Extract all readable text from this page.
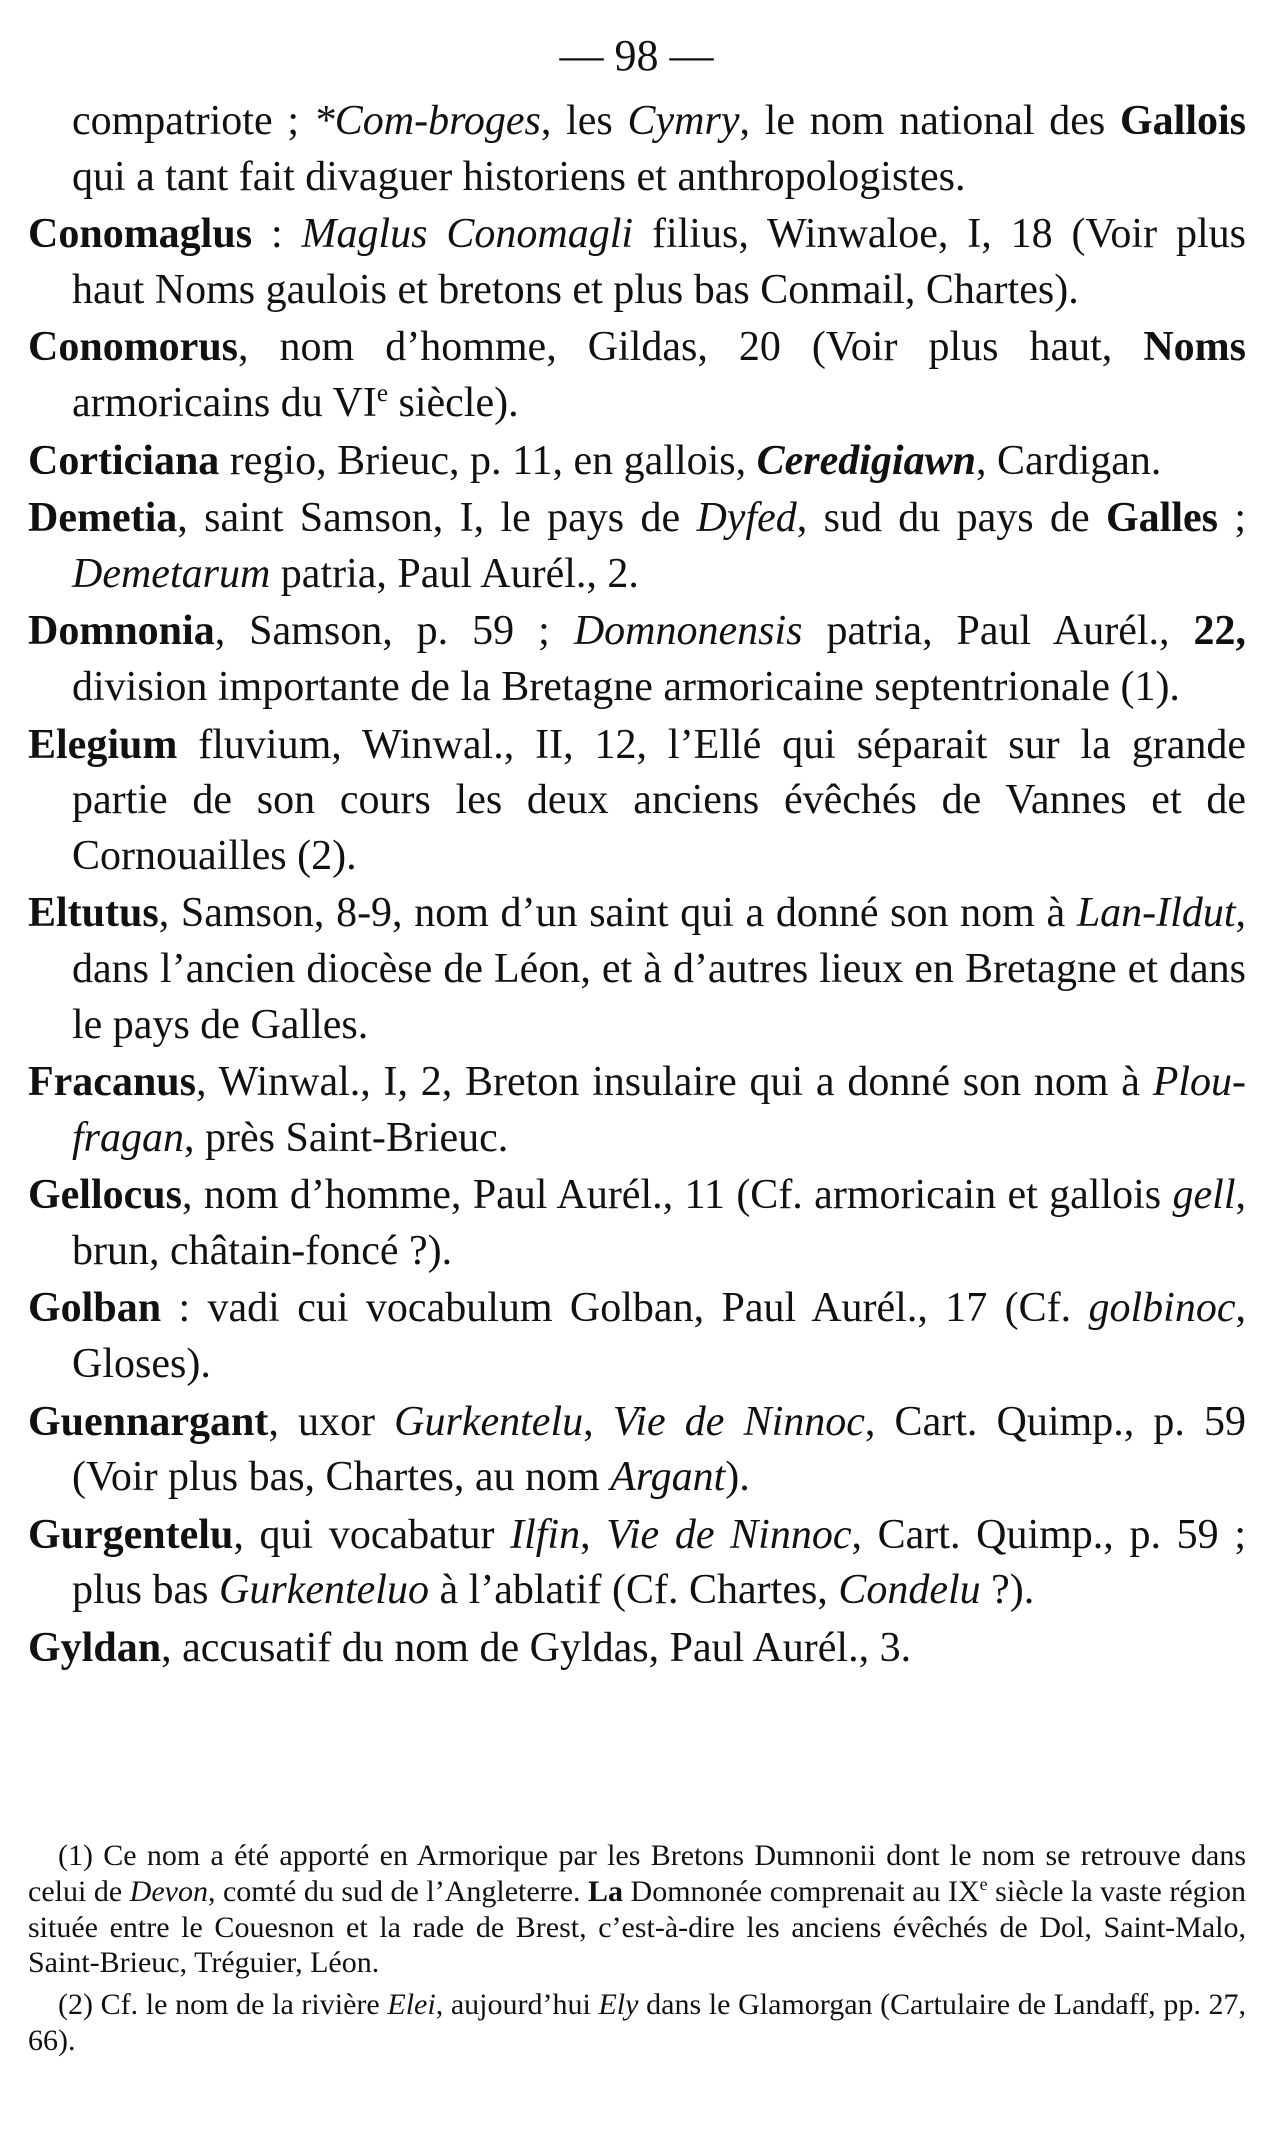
— 98 —

compatriote ; *Com-broges, les Cymry, le nom national des Gallois qui a tant fait divaguer historiens et anthropologistes.

Conomaglus : Maglus Conomagli filius, Winwaloe, I, 18 (Voir plus haut Noms gaulois et bretons et plus bas Conmail, Chartes).

Conomorus, nom d’homme, Gildas, 20 (Voir plus haut, Noms armoricains du VIe siècle).

Corticiana regio, Brieuc, p. 11, en gallois, Ceredigiawn, Cardigan.

Demetia, saint Samson, I, le pays de Dyfed, sud du pays de Galles ; Demetarum patria, Paul Aurél., 2.

Domnonia, Samson, p. 59 ; Domnonensis patria, Paul Aurél., 22, division importante de la Bretagne armoricaine septentrionale (1).

Elegium fluvium, Winwal., II, 12, l’Ellé qui séparait sur la grande partie de son cours les deux anciens évêchés de Vannes et de Cornouailles (2).

Eltutus, Samson, 8-9, nom d’un saint qui a donné son nom à Lan-Ildut, dans l’ancien diocèse de Léon, et à d’autres lieux en Bretagne et dans le pays de Galles.

Fracanus, Winwal., I, 2, Breton insulaire qui a donné son nom à Plou-fragan, près Saint-Brieuc.

Gellocus, nom d’homme, Paul Aurél., 11 (Cf. armoricain et gallois gell, brun, châtain-foncé ?).

Golban : vadi cui vocabulum Golban, Paul Aurél., 17 (Cf. golbinoc, Gloses).

Guennargant, uxor Gurkentelu, Vie de Ninnoc, Cart. Quimp., p. 59 (Voir plus bas, Chartes, au nom Argant).

Gurgentelu, qui vocabatur Ilfin, Vie de Ninnoc, Cart. Quimp., p. 59 ; plus bas Gurkenteluo à l’ablatif (Cf. Chartes, Condelu ?).

Gyldan, accusatif du nom de Gyldas, Paul Aurél., 3.

(1) Ce nom a été apporté en Armorique par les Bretons Dumnonii dont le nom se retrouve dans celui de Devon, comté du sud de l’Angleterre. La Domnonée comprenait au IXe siècle la vaste région située entre le Couesnon et la rade de Brest, c’est-à-dire les anciens évêchés de Dol, Saint-Malo, Saint-Brieuc, Tréguier, Léon.

(2) Cf. le nom de la rivière Elei, aujourd’hui Ely dans le Glamorgan (Cartulaire de Landaff, pp. 27, 66).
